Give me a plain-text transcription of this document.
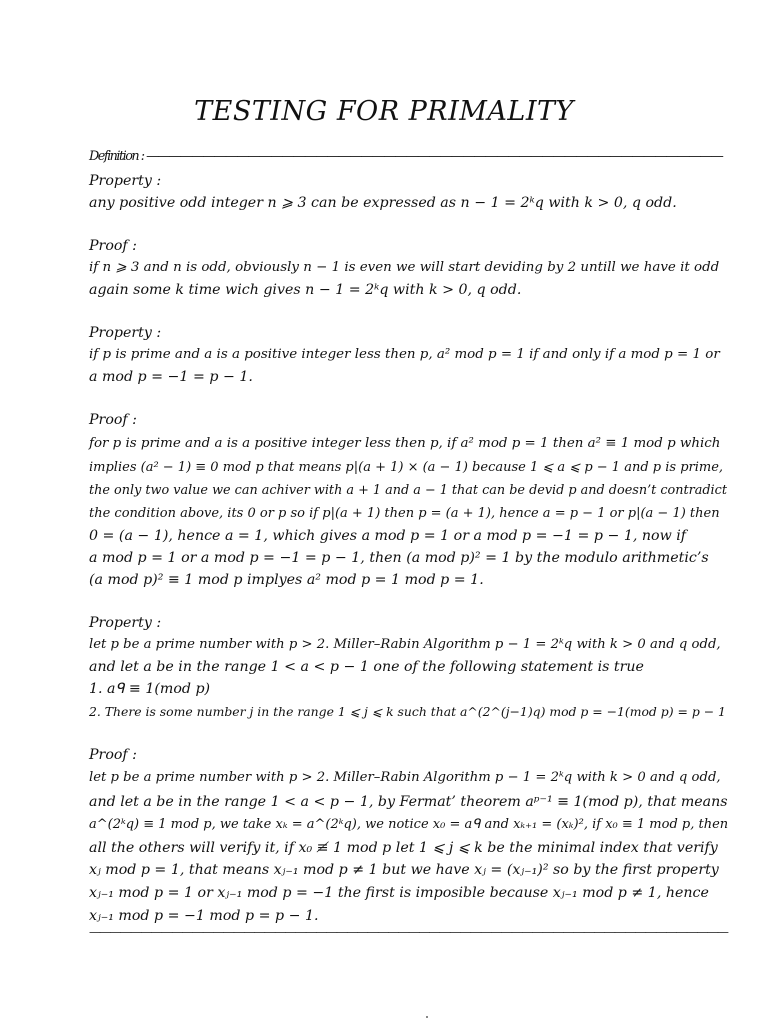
TESTING FOR PRIMALITY
Definition : ———————————————————————————————————————————————————
Property :
any positive odd integer n ⩾ 3 can be expressed as n − 1 = 2ᵏq with k > 0, q odd.
Proof :
if n ⩾ 3 and n is odd, obviously n − 1 is even we will start deviding by 2 untill we have it odd
again some k time wich gives n − 1 = 2ᵏq with k > 0, q odd.
Property :
if p is prime and a is a positive integer less then p, a² mod p = 1 if and only if a mod p = 1 or
a mod p = −1 = p − 1.
Proof :
for p is prime and a is a positive integer less then p, if a² mod p = 1 then a² ≡ 1 mod p which
implies (a² − 1) ≡ 0 mod p that means p|(a + 1) × (a − 1) because 1 ⩽ a ⩽ p − 1 and p is prime,
the only two value we can achiver with a + 1 and a − 1 that can be devid p and doesn’t contradict
the condition above, its 0 or p so if p|(a + 1) then p = (a + 1), hence a = p − 1 or p|(a − 1) then
0 = (a − 1), hence a = 1, which gives a mod p = 1 or a mod p = −1 = p − 1, now if
a mod p = 1 or a mod p = −1 = p − 1, then (a mod p)² = 1 by the modulo arithmetic’s
(a mod p)² ≡ 1 mod p implyes a² mod p = 1 mod p = 1.
Property :
let p be a prime number with p > 2. Miller–Rabin Algorithm p − 1 = 2ᵏq with k > 0 and q odd,
and let a be in the range 1 < a < p − 1 one of the following statement is true
1. aᑫ ≡ 1(mod p)
2. There is some number j in the range 1 ⩽ j ⩽ k such that a^(2^(j−1)q) mod p = −1(mod p) = p − 1
Proof :
let p be a prime number with p > 2. Miller–Rabin Algorithm p − 1 = 2ᵏq with k > 0 and q odd,
and let a be in the range 1 < a < p − 1, by Fermat’ theorem aᵖ⁻¹ ≡ 1(mod p), that means
a^(2ᵏq) ≡ 1 mod p, we take xₖ = a^(2ᵏq), we notice x₀ = aᑫ and xₖ₊₁ = (xₖ)², if x₀ ≡ 1 mod p, then
all the others will verify it, if x₀ ≢ 1 mod p let 1 ⩽ j ⩽ k be the minimal index that verify
xⱼ mod p = 1, that means xⱼ₋₁ mod p ≠ 1 but we have xⱼ = (xⱼ₋₁)² so by the first property
xⱼ₋₁ mod p = 1 or xⱼ₋₁ mod p = −1 the first is imposible because xⱼ₋₁ mod p ≠ 1, hence
xⱼ₋₁ mod p = −1 mod p = p − 1.
——————————————————————————————————————————————————————————————
